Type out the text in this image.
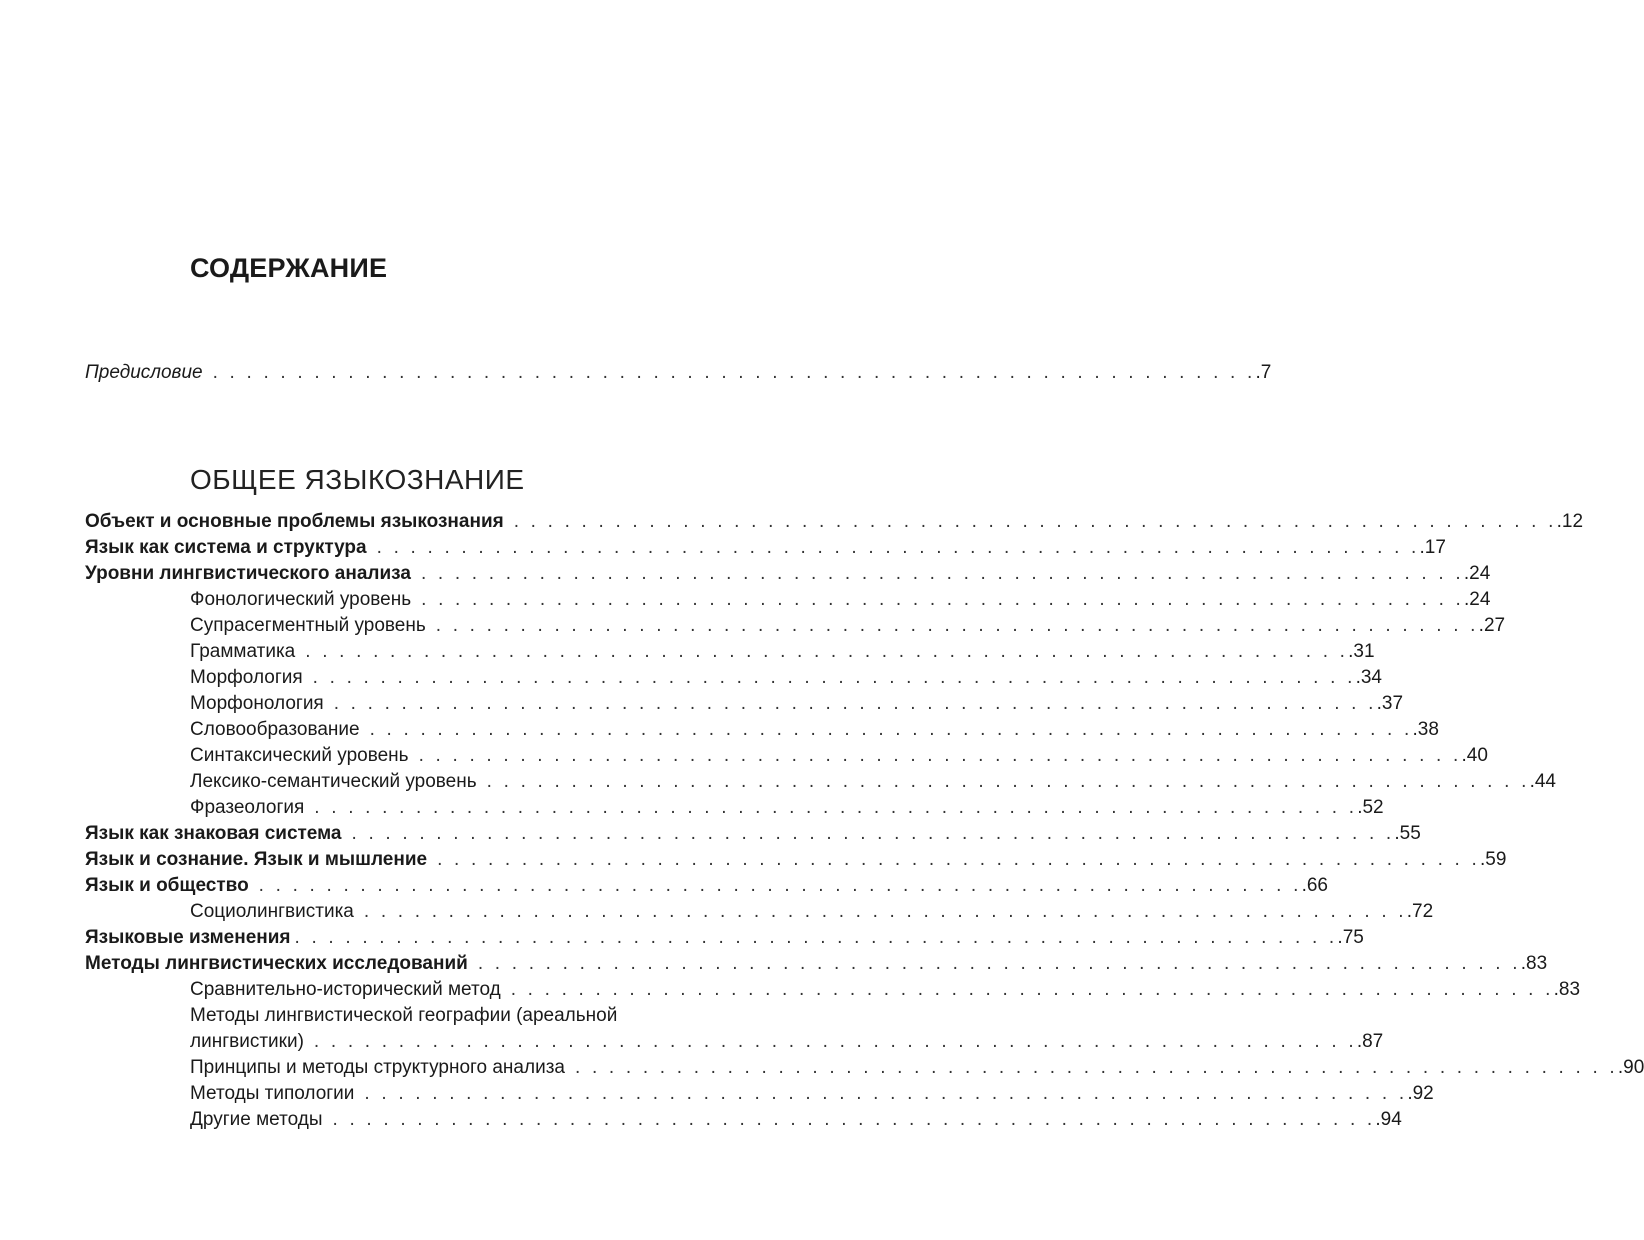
СОДЕРЖАНИЕ
Предисловие . . . . . . . . . . . . . . . . . . . . . . . . . . . . . . . . . . . . . . . . . . . . . . . . . . . . . . . . . . . . . . .7
ОБЩЕЕ ЯЗЫКОЗНАНИЕ
Объект и основные проблемы языкознания . . . . . . . . . . . . . . . . . . . . . . . . . . . . . . . . . . . . . . . . . . . . . . . . . . . . . . . . . . . . . . .12
Язык как система и структура . . . . . . . . . . . . . . . . . . . . . . . . . . . . . . . . . . . . . . . . . . . . . . . . . . . . . . . . . . . . . . .17
Уровни лингвистического анализа . . . . . . . . . . . . . . . . . . . . . . . . . . . . . . . . . . . . . . . . . . . . . . . . . . . . . . . . . . . . . . .24
Фонологический уровень . . . . . . . . . . . . . . . . . . . . . . . . . . . . . . . . . . . . . . . . . . . . . . . . . . . . . . . . . . . . . . .24
Супрасегментный уровень . . . . . . . . . . . . . . . . . . . . . . . . . . . . . . . . . . . . . . . . . . . . . . . . . . . . . . . . . . . . . . .27
Грамматика . . . . . . . . . . . . . . . . . . . . . . . . . . . . . . . . . . . . . . . . . . . . . . . . . . . . . . . . . . . . . . .31
Морфология . . . . . . . . . . . . . . . . . . . . . . . . . . . . . . . . . . . . . . . . . . . . . . . . . . . . . . . . . . . . . . .34
Морфонология . . . . . . . . . . . . . . . . . . . . . . . . . . . . . . . . . . . . . . . . . . . . . . . . . . . . . . . . . . . . . . .37
Словообразование . . . . . . . . . . . . . . . . . . . . . . . . . . . . . . . . . . . . . . . . . . . . . . . . . . . . . . . . . . . . . . .38
Синтаксический уровень . . . . . . . . . . . . . . . . . . . . . . . . . . . . . . . . . . . . . . . . . . . . . . . . . . . . . . . . . . . . . . .40
Лексико-семантический уровень . . . . . . . . . . . . . . . . . . . . . . . . . . . . . . . . . . . . . . . . . . . . . . . . . . . . . . . . . . . . . . .44
Фразеология . . . . . . . . . . . . . . . . . . . . . . . . . . . . . . . . . . . . . . . . . . . . . . . . . . . . . . . . . . . . . . .52
Язык как знаковая система . . . . . . . . . . . . . . . . . . . . . . . . . . . . . . . . . . . . . . . . . . . . . . . . . . . . . . . . . . . . . . .55
Язык и сознание. Язык и мышление . . . . . . . . . . . . . . . . . . . . . . . . . . . . . . . . . . . . . . . . . . . . . . . . . . . . . . . . . . . . . . .59
Язык и общество . . . . . . . . . . . . . . . . . . . . . . . . . . . . . . . . . . . . . . . . . . . . . . . . . . . . . . . . . . . . . . .66
Социолингвистика . . . . . . . . . . . . . . . . . . . . . . . . . . . . . . . . . . . . . . . . . . . . . . . . . . . . . . . . . . . . . . .72
Языковые изменения . . . . . . . . . . . . . . . . . . . . . . . . . . . . . . . . . . . . . . . . . . . . . . . . . . . . . . . . . . . . . . .75
Методы лингвистических исследований . . . . . . . . . . . . . . . . . . . . . . . . . . . . . . . . . . . . . . . . . . . . . . . . . . . . . . . . . . . . . . .83
Сравнительно-исторический метод . . . . . . . . . . . . . . . . . . . . . . . . . . . . . . . . . . . . . . . . . . . . . . . . . . . . . . . . . . . . . . .83
Методы лингвистической географии (ареальной
лингвистики) . . . . . . . . . . . . . . . . . . . . . . . . . . . . . . . . . . . . . . . . . . . . . . . . . . . . . . . . . . . . . . .87
Принципы и методы структурного анализа . . . . . . . . . . . . . . . . . . . . . . . . . . . . . . . . . . . . . . . . . . . . . . . . . . . . . . . . . . . . . . .90
Методы типологии . . . . . . . . . . . . . . . . . . . . . . . . . . . . . . . . . . . . . . . . . . . . . . . . . . . . . . . . . . . . . . .92
Другие методы . . . . . . . . . . . . . . . . . . . . . . . . . . . . . . . . . . . . . . . . . . . . . . . . . . . . . . . . . . . . . . .94
